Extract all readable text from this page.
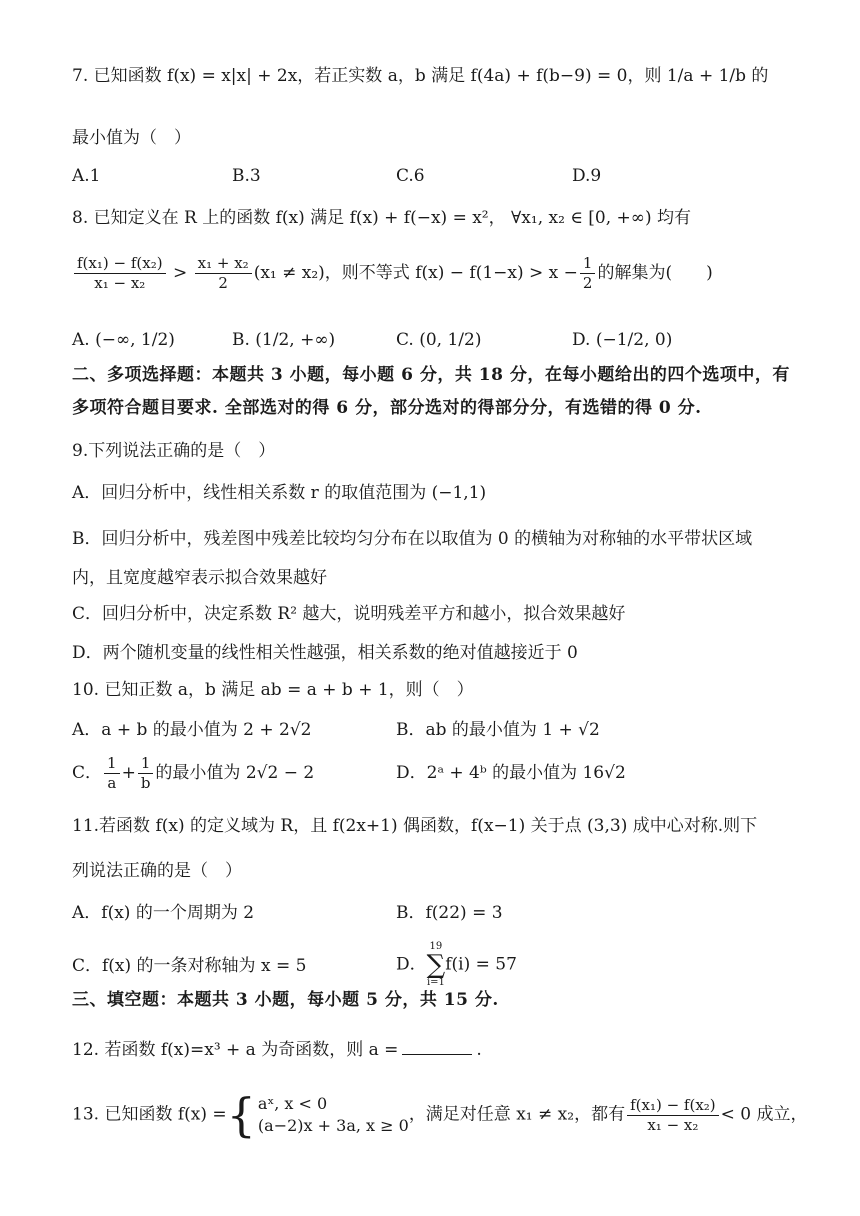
7. 已知函数 f(x) = x|x| + 2x，若正实数 a，b 满足 f(4a) + f(b−9) = 0，则 1/a + 1/b 的
最小值为（　）
A.1	B.3	C.6	D.9
8. 已知定义在 R 上的函数 f(x) 满足 f(x) + f(−x) = x²， ∀x₁, x₂ ∈ [0, +∞) 均有
$\frac{\text{f(x₁) − f(x₂)}}{\text{x₁ − x₂}} > \frac{\text{x₁ + x₂}}{2} (x_1 \ne x_2)$，则不等式 $f(x) - f(1-x) > x - \frac{1}{2}$ 的解集为(　　)
A. (−∞, 1/2)	B. (1/2, +∞)	C. (0, 1/2)	D. (−1/2, 0)
二、多项选择题：本题共 3 小题，每小题 6 分，共 18 分，在每小题给出的四个选项中，有
多项符合题目要求. 全部选对的得 6 分，部分选对的得部分分，有选错的得 0 分.
9.下列说法正确的是（　）
A．回归分析中，线性相关系数 r 的取值范围为 (−1,1)
B．回归分析中，残差图中残差比较均匀分布在以取值为 0 的横轴为对称轴的水平带状区域
内，且宽度越窄表示拟合效果越好
C．回归分析中，决定系数 R² 越大，说明残差平方和越小，拟合效果越好
D．两个随机变量的线性相关性越强，相关系数的绝对值越接近于 0
10. 已知正数 a，b 满足 ab = a + b + 1，则（　）
A．a + b 的最小值为 2 + 2√2	B．ab 的最小值为 1 + √2
C． $\frac{1}{a} + \frac{1}{b}$ 的最小值为 2√2 − 2	D．2ᵃ + 4ᵇ 的最小值为 16√2
11.若函数 f(x) 的定义域为 R，且 f(2x+1) 偶函数，f(x−1) 关于点 (3,3) 成中心对称.则下
列说法正确的是（　）
A．f(x) 的一个周期为 2	B．f(22) = 3
C．f(x) 的一条对称轴为 x = 5	D．
19
∑
i=1
f(i) = 57
三、填空题：本题共 3 小题，每小题 5 分，共 15 分.
12. 若函数 f(x)=x³ + a 为奇函数，则 a =	.
13. 已知函数 f(x) = { aˣ, x < 0
(a−2)x + 3a, x ≥ 0
，满足对任意 x₁ ≠ x₂，都有 $\frac{\text{f(x₁) − f(x₂)}}{\text{x₁ − x₂}} < 0$ 成立，
